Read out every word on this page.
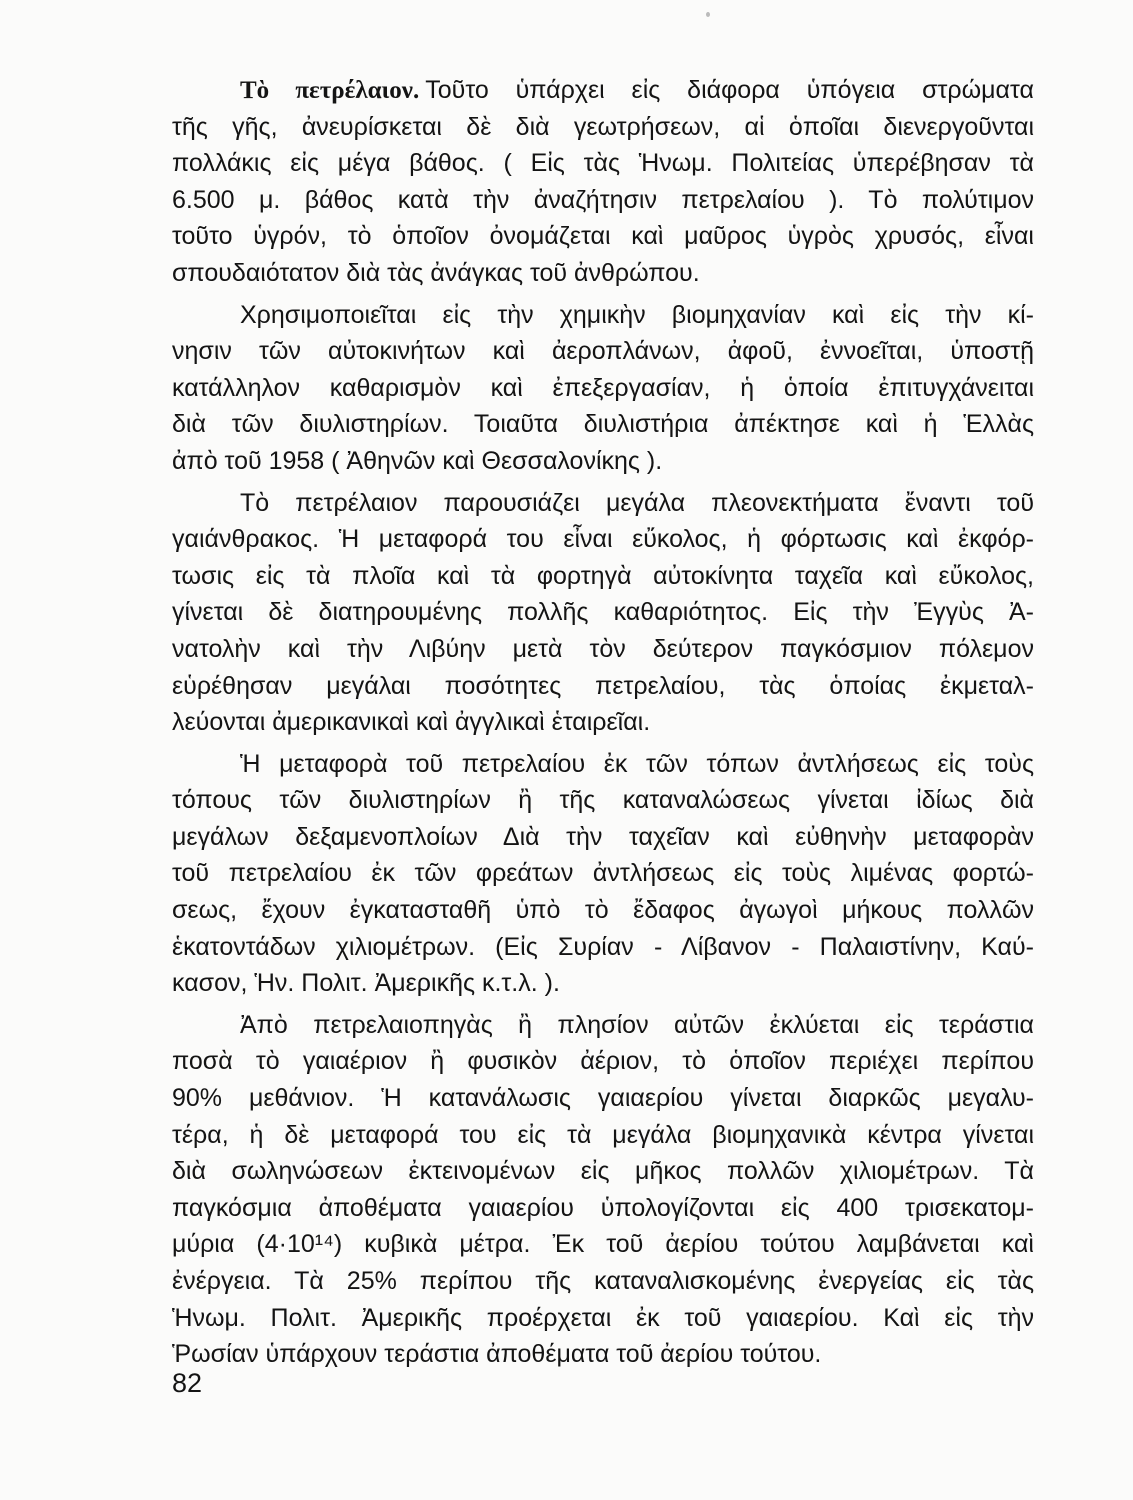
Τὸ πετρέλαιον. Τοῦτο ὑπάρχει εἰς διάφορα ὑπόγεια στρώματα
τῆς γῆς, ἀνευρίσκεται δὲ διὰ γεωτρήσεων, αἱ ὁποῖαι διενεργοῦνται
πολλάκις εἰς μέγα βάθος. ( Εἰς τὰς Ἡνωμ. Πολιτείας ὑπερέβησαν τὰ
6.500 μ. βάθος κατὰ τὴν ἀναζήτησιν πετρελαίου ). Τὸ πολύτιμον
τοῦτο ὑγρόν, τὸ ὁποῖον ὀνομάζεται καὶ μαῦρος ὑγρὸς χρυσός, εἶναι
σπουδαιότατον διὰ τὰς ἀνάγκας τοῦ ἀνθρώπου.
Χρησιμοποιεῖται εἰς τὴν χημικὴν βιομηχανίαν καὶ εἰς τὴν κί-
νησιν τῶν αὐτοκινήτων καὶ ἀεροπλάνων, ἀφοῦ, ἐννοεῖται, ὑποστῇ
κατάλληλον καθαρισμὸν καὶ ἐπεξεργασίαν, ἡ ὁποία ἐπιτυγχάνειται
διὰ τῶν διυλιστηρίων. Τοιαῦτα διυλιστήρια ἀπέκτησε καὶ ἡ Ἑλλὰς
ἀπὸ τοῦ 1958 ( Ἀθηνῶν καὶ Θεσσαλονίκης ).
Τὸ πετρέλαιον παρουσιάζει μεγάλα πλεονεκτήματα ἔναντι τοῦ
γαιάνθρακος. Ἡ μεταφορά του εἶναι εὔκολος, ἡ φόρτωσις καὶ ἐκφόρ-
τωσις εἰς τὰ πλοῖα καὶ τὰ φορτηγὰ αὐτοκίνητα ταχεῖα καὶ εὔκολος,
γίνεται δὲ διατηρουμένης πολλῆς καθαριότητος. Εἰς τὴν Ἐγγὺς Ἀ-
νατολὴν καὶ τὴν Λιβύην μετὰ τὸν δεύτερον παγκόσμιον πόλεμον
εὑρέθησαν μεγάλαι ποσότητες πετρελαίου, τὰς ὁποίας ἐκμεταλ-
λεύονται ἀμερικανικαὶ καὶ ἀγγλικαὶ ἑταιρεῖαι.
Ἡ μεταφορὰ τοῦ πετρελαίου ἐκ τῶν τόπων ἀντλήσεως εἰς τοὺς
τόπους τῶν διυλιστηρίων ἢ τῆς καταναλώσεως γίνεται ἰδίως διὰ
μεγάλων δεξαμενοπλοίων Διὰ τὴν ταχεῖαν καὶ εὐθηνὴν μεταφορὰν
τοῦ πετρελαίου ἐκ τῶν φρεάτων ἀντλήσεως εἰς τοὺς λιμένας φορτώ-
σεως, ἔχουν ἐγκατασταθῆ ὑπὸ τὸ ἔδαφος ἀγωγοὶ μήκους πολλῶν
ἑκατοντάδων χιλιομέτρων. (Εἰς Συρίαν - Λίβανον - Παλαιστίνην, Καύ-
κασον, Ἡν. Πολιτ. Ἀμερικῆς κ.τ.λ. ).
Ἀπὸ πετρελαιοπηγὰς ἢ πλησίον αὐτῶν ἐκλύεται εἰς τεράστια
ποσὰ τὸ γαιαέριον ἢ φυσικὸν ἀέριον, τὸ ὁποῖον περιέχει περίπου
90% μεθάνιον. Ἡ κατανάλωσις γαιαερίου γίνεται διαρκῶς μεγαλυ-
τέρα, ἡ δὲ μεταφορά του εἰς τὰ μεγάλα βιομηχανικὰ κέντρα γίνεται
διὰ σωληνώσεων ἐκτεινομένων εἰς μῆκος πολλῶν χιλιομέτρων. Τὰ
παγκόσμια ἀποθέματα γαιαερίου ὑπολογίζονται εἰς 400 τρισεκατομ-
μύρια (4·10¹⁴) κυβικὰ μέτρα. Ἐκ τοῦ ἀερίου τούτου λαμβάνεται καὶ
ἐνέργεια. Τὰ 25% περίπου τῆς καταναλισκομένης ἐνεργείας εἰς τὰς
Ἡνωμ. Πολιτ. Ἀμερικῆς προέρχεται ἐκ τοῦ γαιαερίου. Καὶ εἰς τὴν
Ῥωσίαν ὑπάρχουν τεράστια ἀποθέματα τοῦ ἀερίου τούτου.
82
